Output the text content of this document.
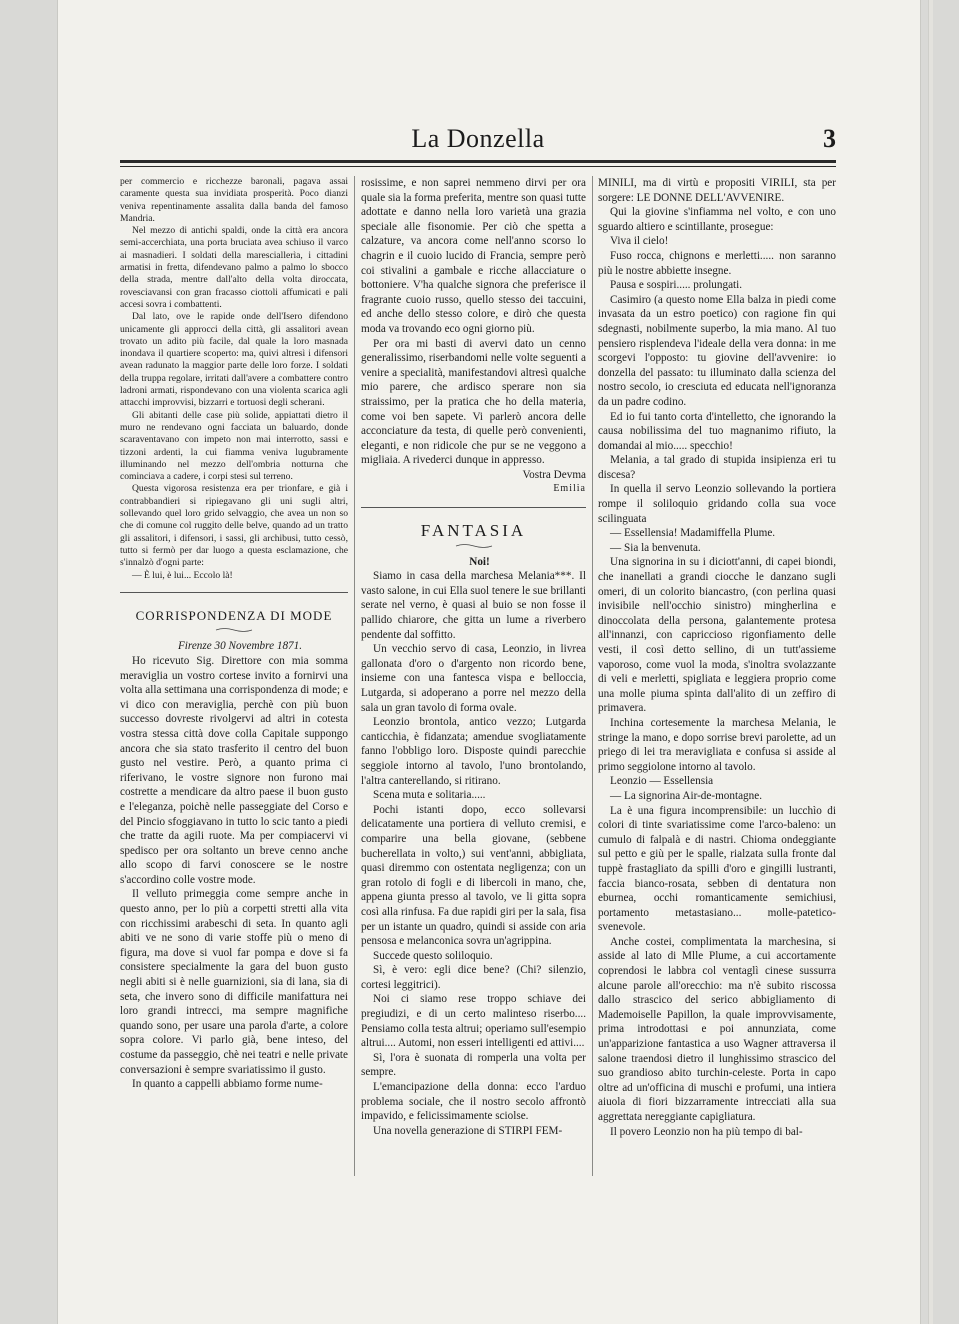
La Donzella	3

per commercio e ricchezze baronali, pagava assai caramente questa sua invidiata prosperità. Poco dianzi veniva repentinamente assalita dalla banda del famoso Mandria.

Nel mezzo di antichi spaldi, onde la città era ancora semi-accerchiata, una porta bruciata avea schiuso il varco ai masnadieri. I soldati della maresciallerìa, i cittadini armatisi in fretta, difendevano palmo a palmo lo sbocco della strada, mentre dall'alto della volta diroccata, rovesciavansi con gran fracasso ciottoli affumicati e pali accesi sovra i combattenti.

Dal lato, ove le rapide onde dell'Isero difendono unicamente gli approcci della città, gli assalitori avean trovato un adito più facile, dal quale la loro masnada inondava il quartiere scoperto: ma, quivi altresì i difensori avean radunato la maggior parte delle loro forze. I soldati della truppa regolare, irritati dall'avere a combattere contro ladroni armati, rispondevano con una violenta scarica agli attacchi improvvisi, bizzarri e tortuosi degli scherani.

Gli abitanti delle case più solide, appiattati dietro il muro ne rendevano ogni facciata un baluardo, donde scaraventavano con impeto non mai interrotto, sassi e tizzoni ardenti, la cui fiamma veniva lugubramente illuminando nel mezzo dell'ombria notturna che cominciava a cadere, i corpi stesi sul terreno.

Questa vigorosa resistenza era per trionfare, e già i contrabbandieri si ripiegavano gli uni sugli altri, sollevando quel loro grido selvaggio, che avea un non so che di comune col ruggito delle belve, quando ad un tratto gli assalitori, i difensori, i sassi, gli archibusi, tutto cessò, tutto si fermò per dar luogo a questa esclamazione, che s'innalzò d'ogni parte:

— È lui, è lui... Eccolo là!

CORRISPONDENZA DI MODE

Firenze 30 Novembre 1871.

Ho ricevuto Sig. Direttore con mia somma meraviglia un vostro cortese invito a fornirvi una volta alla settimana una corrispondenza di mode; e vi dico con meraviglia, perchè con più buon successo dovreste rivolgervi ad altri in cotesta vostra stessa città dove colla Capitale suppongo ancora che sia stato trasferito il centro del buon gusto nel vestire. Però, a quanto prima ci riferivano, le vostre signore non furono mai costrette a mendicare da altro paese il buon gusto e l'eleganza, poichè nelle passeggiate del Corso e del Pincio sfoggiavano in tutto lo scic tanto a piedi che tratte da agili ruote. Ma per compiacervi vi spedisco per ora soltanto un breve cenno anche allo scopo di farvi conoscere se le nostre s'accordino colle vostre mode.

Il velluto primeggia come sempre anche in questo anno, per lo più a corpetti stretti alla vita con ricchissimi arabeschi di seta. In quanto agli abiti ve ne sono di varie stoffe più o meno di figura, ma dove si vuol far pompa e dove si fa consistere specialmente la gara del buon gusto negli abiti si è nelle guarnizioni, sia di lana, sia di seta, che invero sono di difficile manifattura nei loro grandi intrecci, ma sempre magnifiche quando sono, per usare una parola d'arte, a colore sopra colore. Vi parlo già, bene inteso, del costume da passeggio, chè nei teatri e nelle private conversazioni è sempre svariatissimo il gusto.

In quanto a cappelli abbiamo forme nume-

rosissime, e non saprei nemmeno dirvi per ora quale sia la forma preferita, mentre son quasi tutte adottate e danno nella loro varietà una grazia speciale alle fisonomie. Per ciò che spetta a calzature, va ancora come nell'anno scorso lo chagrin e il cuoio lucido di Francia, sempre però coi stivalini a gambale e ricche allacciature o bottoniere. V'ha qualche signora che preferisce il fragrante cuoio russo, quello stesso dei taccuini, ed anche dello stesso colore, e dirò che questa moda va trovando eco ogni giorno più.

Per ora mi basti di avervi dato un cenno generalissimo, riserbandomi nelle volte seguenti a venire a specialità, manifestandovi altresì qualche mio parere, che ardisco sperare non sia straissimo, per la pratica che ho della materia, come voi ben sapete. Vi parlerò ancora delle acconciature da testa, di quelle però convenienti, eleganti, e non ridicole che pur se ne veggono a migliaia. A rivederci dunque in appresso.

Vostra Devma

Emilia

FANTASIA

Noi!

Siamo in casa della marchesa Melania***. Il vasto salone, in cui Ella suol tenere le sue brillanti serate nel verno, è quasi al buio se non fosse il pallido chiarore, che gitta un lume a riverbero pendente dal soffitto.

Un vecchio servo di casa, Leonzio, in livrea gallonata d'oro o d'argento non ricordo bene, insieme con una fantesca vispa e belloccia, Lutgarda, si adoperano a porre nel mezzo della sala un gran tavolo di forma ovale.

Leonzio brontola, antico vezzo; Lutgarda canticchia, è fidanzata; amendue svogliatamente fanno l'obbligo loro. Disposte quindi parecchie seggiole intorno al tavolo, l'uno brontolando, l'altra canterellando, si ritirano.

Scena muta e solitaria.....

Pochi istanti dopo, ecco sollevarsi delicatamente una portiera di velluto cremisi, e comparire una bella giovane, (sebbene bucherellata in volto,) sui vent'anni, abbigliata, quasi diremmo con ostentata negligenza; con un gran rotolo di fogli e di libercoli in mano, che, appena giunta presso al tavolo, ve li gitta sopra così alla rinfusa. Fa due rapidi giri per la sala, fisa per un istante un quadro, quindi si asside con aria pensosa e melanconica sovra un'agrippina.

Succede questo soliloquio.

Sì, è vero: egli dice bene? (Chi? silenzio, cortesi leggitrici).

Noi ci siamo rese troppo schiave dei pregiudizi, e di un certo malinteso riserbo.... Pensiamo colla testa altrui; operiamo sull'esempio altrui.... Automi, non esseri intelligenti ed attivi....

Sì, l'ora è suonata di romperla una volta per sempre.

L'emancipazione della donna: ecco l'arduo problema sociale, che il nostro secolo affrontò impavido, e felicissimamente sciolse.

Una novella generazione di STIRPI FEM-

MINILI, ma di virtù e propositi VIRILI, sta per sorgere: LE DONNE DELL'AVVENIRE.

Qui la giovine s'infiamma nel volto, e con uno sguardo altiero e scintillante, prosegue:

Viva il cielo!

Fuso rocca, chignons e merletti..... non saranno più le nostre abbiette insegne.

Pausa e sospiri..... prolungati.

Casimiro (a questo nome Ella balza in piedi come invasata da un estro poetico) con ragione fin qui sdegnasti, nobilmente superbo, la mia mano. Al tuo pensiero risplendeva l'ideale della vera donna: in me scorgevi l'opposto: tu giovine dell'avvenire: io donzella del passato: tu illuminato dalla scienza del nostro secolo, io cresciuta ed educata nell'ignoranza da un padre codino.

Ed io fui tanto corta d'intelletto, che ignorando la causa nobilissima del tuo magnanimo rifiuto, la domandai al mio..... specchio!

Melania, a tal grado di stupida insipienza eri tu discesa?

In quella il servo Leonzio sollevando la portiera rompe il soliloquio gridando colla sua voce scilinguata

— Essellensia! Madamiffella Plume.

— Sia la benvenuta.

Una signorina in su i diciott'anni, di capei biondi, che inanellati a grandi ciocche le danzano sugli omeri, di un colorito biancastro, (con perlina quasi invisibile nell'occhio sinistro) mingherlina e dinoccolata della persona, galantemente protesa all'innanzi, con capriccioso rigonfiamento delle vesti, il così detto sellino, di un tutt'assieme vaporoso, come vuol la moda, s'inoltra svolazzante di veli e merletti, spigliata e leggiera proprio come una molle piuma spinta dall'alito di un zeffiro di primavera.

Inchina cortesemente la marchesa Melania, le stringe la mano, e dopo sorrise brevi parolette, ad un priego di lei tra meravigliata e confusa si asside al primo seggiolone intorno al tavolo.

Leonzio — Essellensia

— La signorina Air-de-montagne.

La è una figura incomprensibile: un lucchìo di colori di tinte svariatissime come l'arco-baleno: un cumulo di falpalà e di nastri. Chioma ondeggiante sul petto e giù per le spalle, rialzata sulla fronte dal tuppè frastagliato da spilli d'oro e gingilli lustranti, faccia bianco-rosata, sebben di dentatura non eburnea, occhi romanticamente semichiusi, portamento metastasiano... molle-patetico-svenevole.

Anche costei, complimentata la marchesina, si asside al lato di Mlle Plume, a cui accortamente coprendosi le labbra col ventaglì cinese sussurra alcune parole all'orecchio: ma n'è subito riscossa dallo strascico del serico abbigliamento di Mademoiselle Papillon, la quale improvvisamente, prima introdottasi e poi annunziata, come un'apparizione fantastica a uso Wagner attraversa il salone traendosi dietro il lunghissimo strascico del suo grandioso abito turchin-celeste. Porta in capo oltre ad un'officina di muschi e profumi, una intiera aiuola di fiori bizzarramente intrecciati alla sua aggrettata nereggiante capigliatura.

Il povero Leonzio non ha più tempo di bal-
